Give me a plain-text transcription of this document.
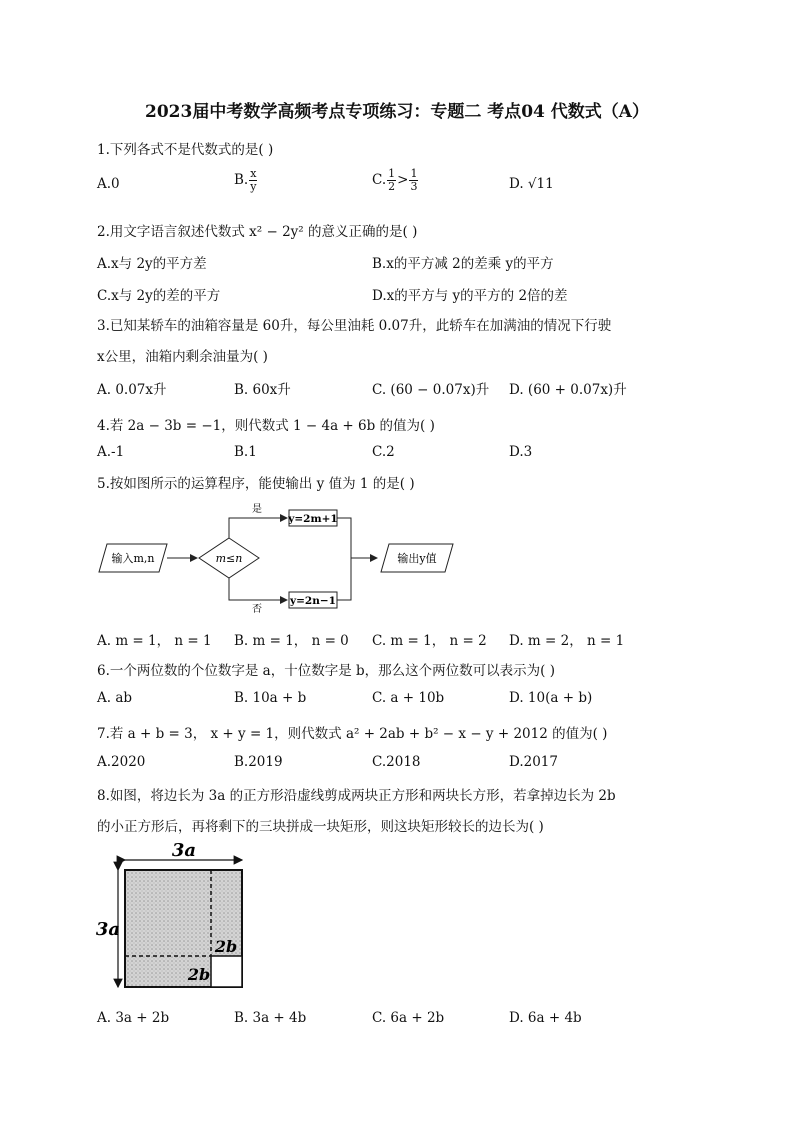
2023届中考数学高频考点专项练习：专题二 考点04 代数式（A）
1.下列各式不是代数式的是( )
A.0	B. $\frac{x}{y}$	C. $\frac{1}{2} > \frac{1}{3}$	D. √11
2.用文字语言叙述代数式 x² − 2y² 的意义正确的是( )
A.x与 2y的平方差	B.x的平方减 2的差乘 y的平方
C.x与 2y的差的平方	D.x的平方与 y的平方的 2倍的差
3.已知某轿车的油箱容量是 60升，每公里油耗 0.07升，此轿车在加满油的情况下行驶
x公里，油箱内剩余油量为( )
A. 0.07x升	B. 60x升	C. (60 − 0.07x)升 D. (60 + 0.07x)升
4.若 2a − 3b = −1，则代数式 1 − 4a + 6b 的值为( )
A.-1	B.1	C.2	D.3
5.按如图所示的运算程序，能使输出 y 值为 1 的是( )
输入m,n	m≤n
是
否
y=2m+1
y=2n−1
输出y值
A. m = 1， n = 1 B. m = 1， n = 0 C. m = 1， n = 2 D. m = 2， n = 1
6.一个两位数的个位数字是 a，十位数字是 b，那么这个两位数可以表示为( )
A. ab	B. 10a + b	C. a + 10b	D. 10(a + b)
7.若 a + b = 3， x + y = 1，则代数式 a² + 2ab + b² − x − y + 2012 的值为( )
A.2020	B.2019	C.2018	D.2017
8.如图，将边长为 3a 的正方形沿虚线剪成两块正方形和两块长方形，若拿掉边长为 2b
的小正方形后，再将剩下的三块拼成一块矩形，则这块矩形较长的边长为( )
3a
3a
2b
2b
A. 3a + 2b	B. 3a + 4b	C. 6a + 2b	D. 6a + 4b
